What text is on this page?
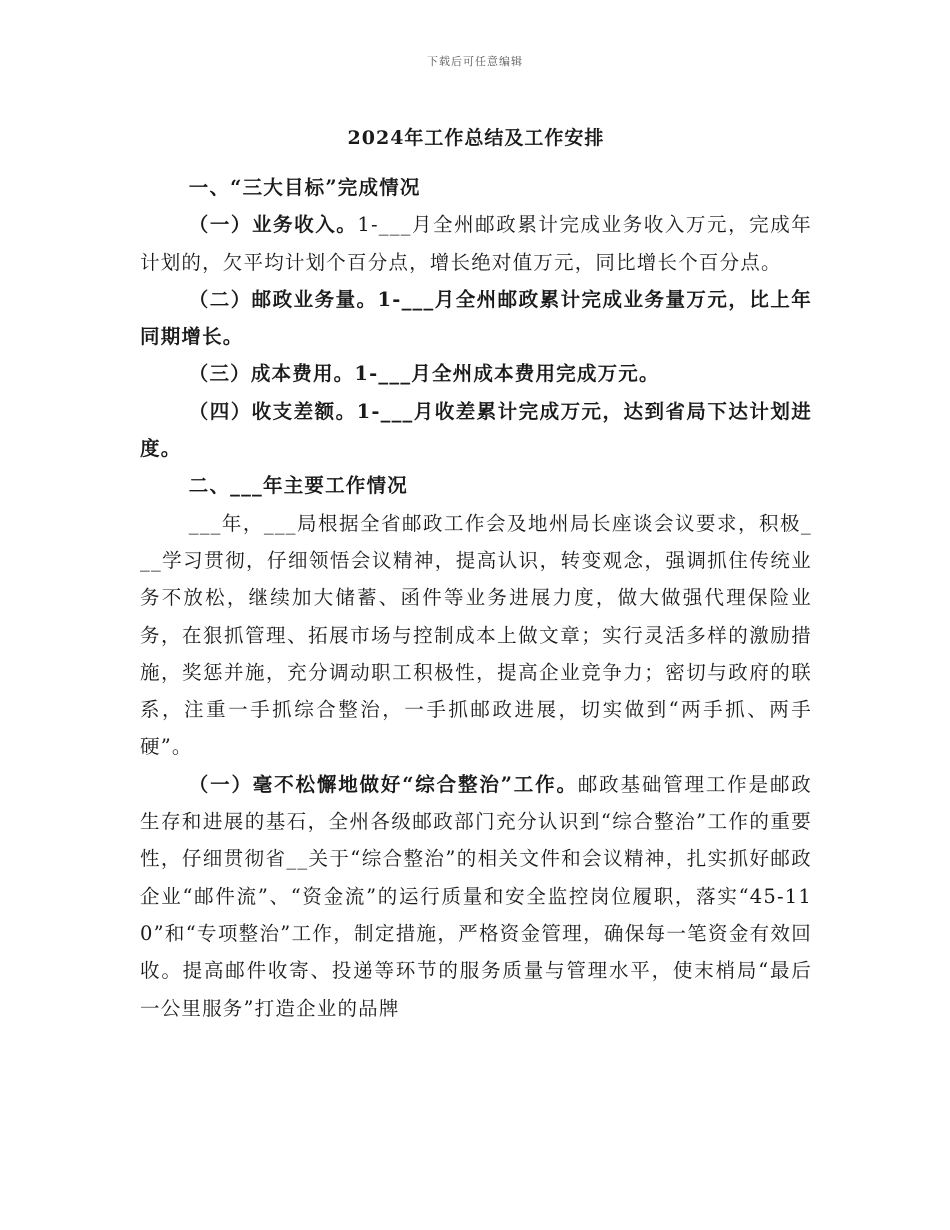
下载后可任意编辑
2024年工作总结及工作安排

一、“三大目标”完成情况

（一）业务收入。1-___月全州邮政累计完成业务收入万元，完成年计划的，欠平均计划个百分点，增长绝对值万元，同比增长个百分点。

（二）邮政业务量。1-___月全州邮政累计完成业务量万元，比上年同期增长。

（三）成本费用。1-___月全州成本费用完成万元。

（四）收支差额。1-___月收差累计完成万元，达到省局下达计划进度。

二、___年主要工作情况

___年，___局根据全省邮政工作会及地州局长座谈会议要求，积极___学习贯彻，仔细领悟会议精神，提高认识，转变观念，强调抓住传统业务不放松，继续加大储蓄、函件等业务进展力度，做大做强代理保险业务，在狠抓管理、拓展市场与控制成本上做文章；实行灵活多样的激励措施，奖惩并施，充分调动职工积极性，提高企业竞争力；密切与政府的联系，注重一手抓综合整治，一手抓邮政进展，切实做到“两手抓、两手硬”。

（一）毫不松懈地做好“综合整治”工作。邮政基础管理工作是邮政生存和进展的基石，全州各级邮政部门充分认识到“综合整治”工作的重要性，仔细贯彻省__关于“综合整治”的相关文件和会议精神，扎实抓好邮政企业“邮件流”、“资金流”的运行质量和安全监控岗位履职，落实“45-110”和“专项整治”工作，制定措施，严格资金管理，确保每一笔资金有效回收。提高邮件收寄、投递等环节的服务质量与管理水平，使末梢局“最后一公里服务”打造企业的品牌
